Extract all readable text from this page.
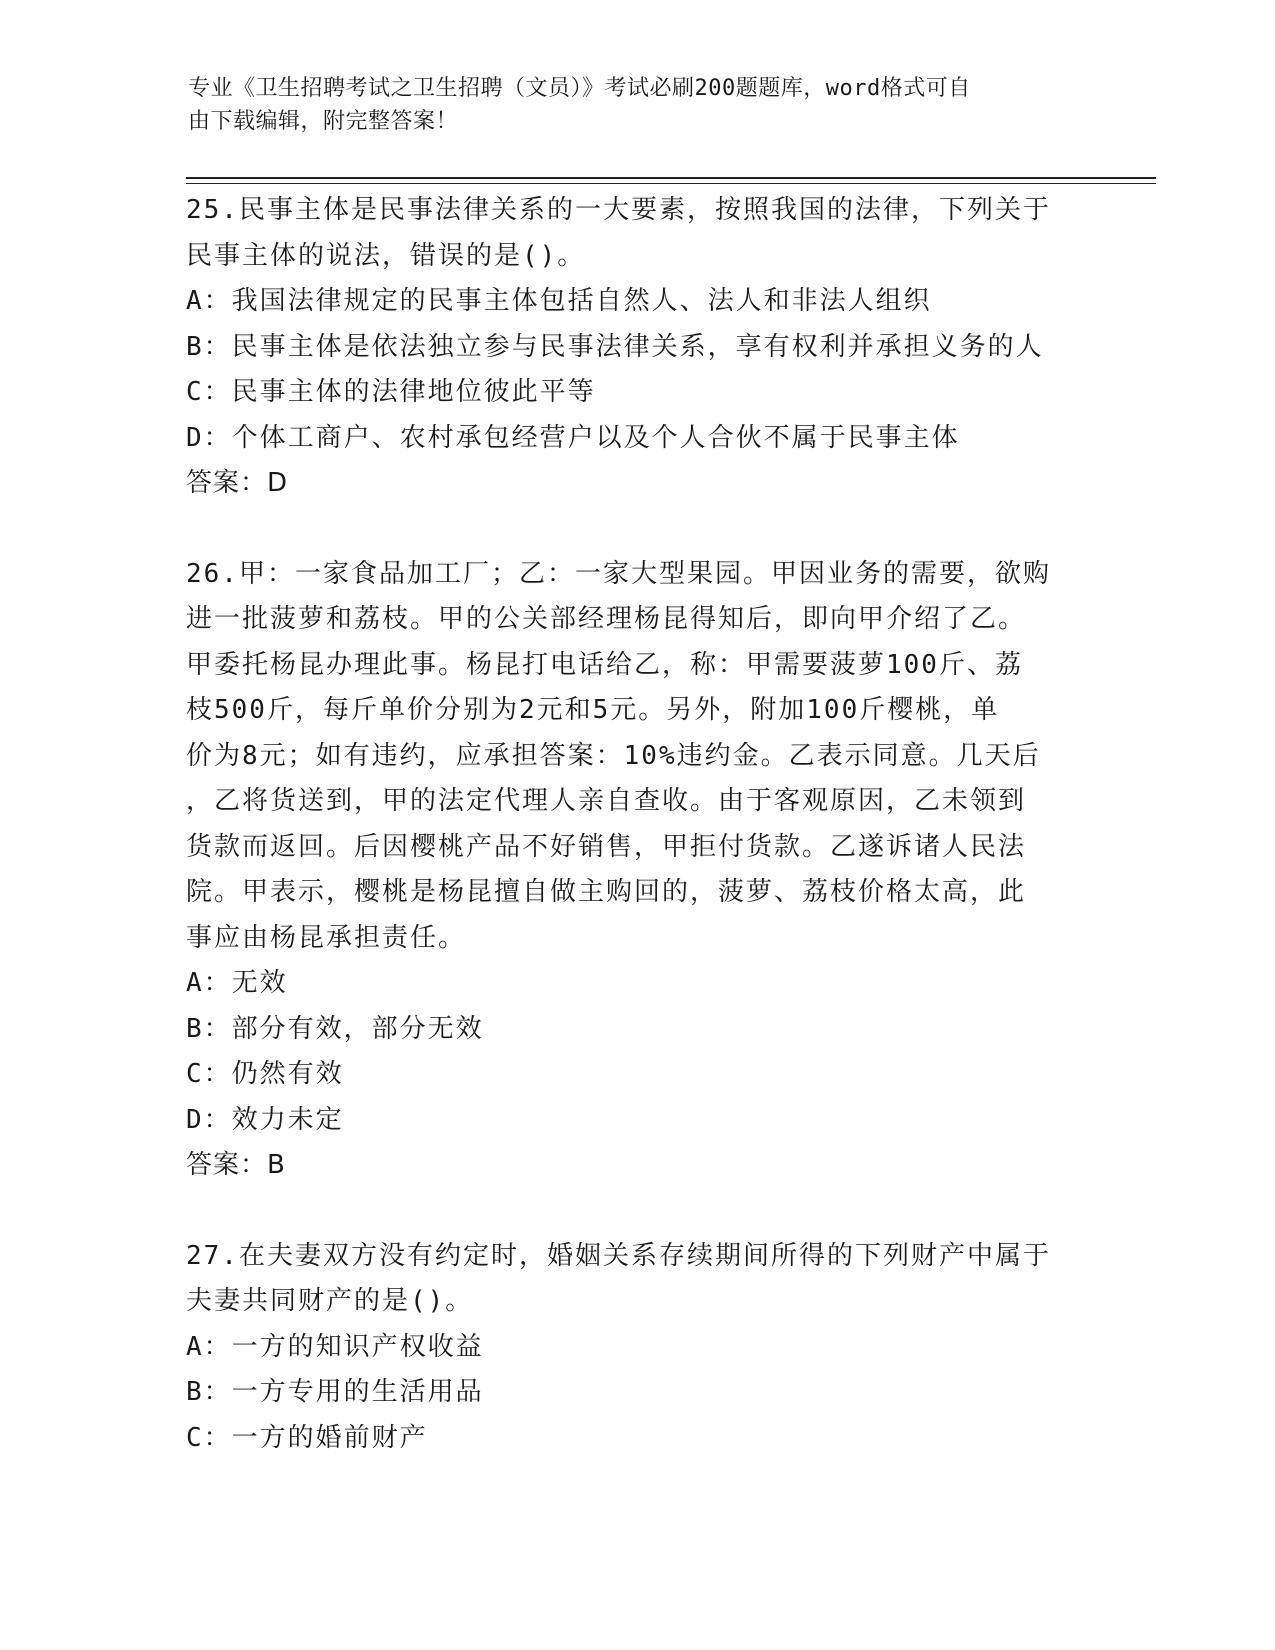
专业《卫生招聘考试之卫生招聘（文员）》考试必刷200题题库，word格式可自
由下载编辑，附完整答案！
25.民事主体是民事法律关系的一大要素，按照我国的法律，下列关于
民事主体的说法，错误的是()。
A：我国法律规定的民事主体包括自然人、法人和非法人组织
B：民事主体是依法独立参与民事法律关系，享有权利并承担义务的人
C：民事主体的法律地位彼此平等
D：个体工商户、农村承包经营户以及个人合伙不属于民事主体
答案：D
26.甲：一家食品加工厂；乙：一家大型果园。甲因业务的需要，欲购
进一批菠萝和荔枝。甲的公关部经理杨昆得知后，即向甲介绍了乙。
甲委托杨昆办理此事。杨昆打电话给乙，称：甲需要菠萝100斤、荔
枝500斤，每斤单价分别为2元和5元。另外，附加100斤樱桃，单
价为8元；如有违约，应承担答案：10%违约金。乙表示同意。几天后
，乙将货送到，甲的法定代理人亲自查收。由于客观原因，乙未领到
货款而返回。后因樱桃产品不好销售，甲拒付货款。乙遂诉诸人民法
院。甲表示，樱桃是杨昆擅自做主购回的，菠萝、荔枝价格太高，此
事应由杨昆承担责任。
A：无效
B：部分有效，部分无效
C：仍然有效
D：效力未定
答案：B
27.在夫妻双方没有约定时，婚姻关系存续期间所得的下列财产中属于
夫妻共同财产的是()。
A：一方的知识产权收益
B：一方专用的生活用品
C：一方的婚前财产
